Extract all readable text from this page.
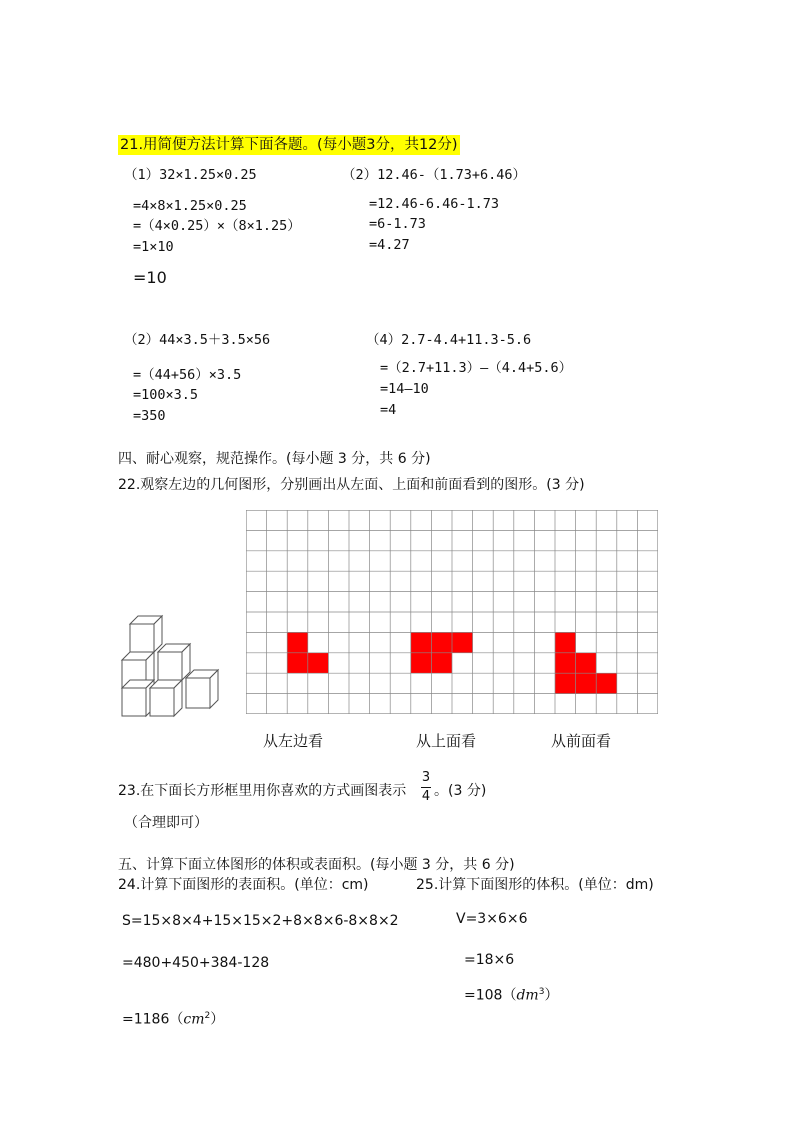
21.用简便方法计算下面各题。(每小题3分，共12分)
（1）32×1.25×0.25
=4×8×1.25×0.25
=（4×0.25）×（8×1.25）
=1×10
=10
（2）12.46-（1.73+6.46）
=12.46-6.46-1.73
=6-1.73
=4.27
（2）44×3.5＋3.5×56
=（44+56）×3.5
=100×3.5
=350
（4）2.7-4.4+11.3-5.6
=（2.7+11.3）—（4.4+5.6）
=14—10
=4
四、耐心观察，规范操作。(每小题 3 分，共 6 分)
22.观察左边的几何图形，分别画出从左面、上面和前面看到的图形。(3 分)
从左边看	从上面看	从前面看
23.在下面长方形框里用你喜欢的方式画图表示
3
4 。(3 分)
（合理即可）
五、计算下面立体图形的体积或表面积。(每小题 3 分，共 6 分)
24.计算下面图形的表面积。(单位：cm)	25.计算下面图形的体积。(单位：dm)
S=15×8×4+15×15×2+8×8×6-8×8×2
=480+450+384-128
$=1186(cm^2)$
V=3×6×6
=18×6
$=108(dm^3)$
